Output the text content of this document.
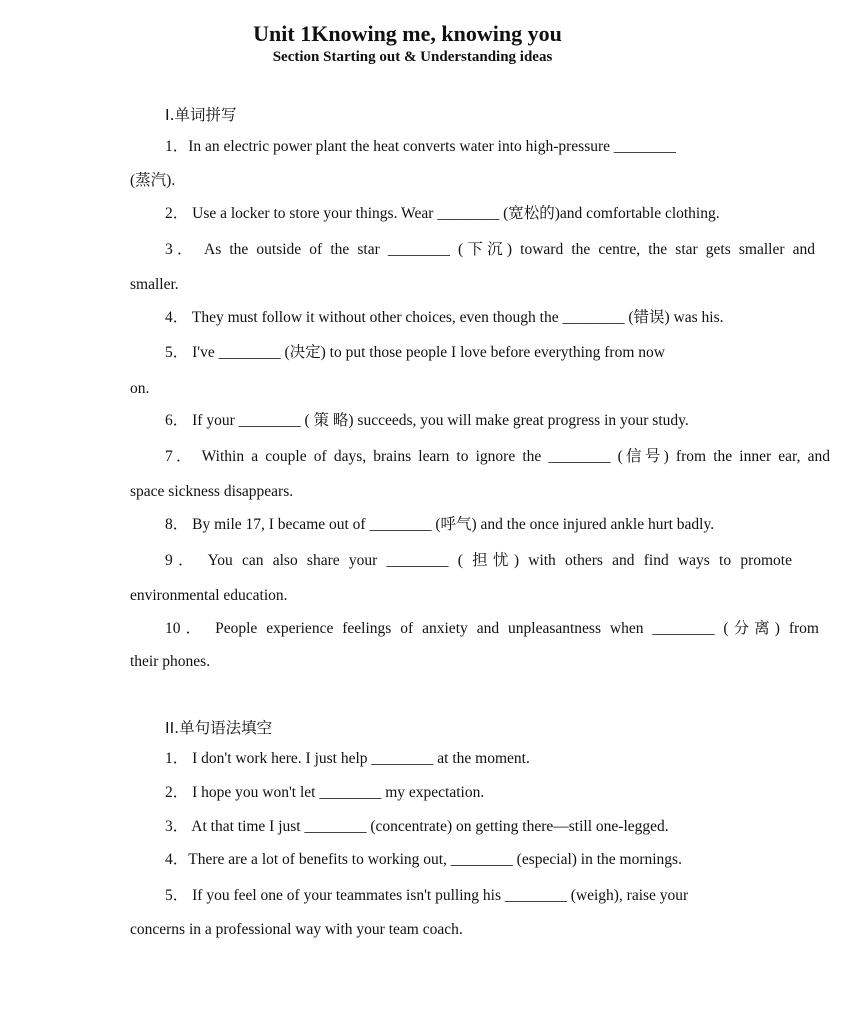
Unit 1Knowing me, knowing you
Section Starting out & Understanding ideas
I.单词拼写
1．In an electric power plant the heat converts water into high-pressure ________
(蒸汽).
2． Use a locker to store your things. Wear ________ (宽松的)and comfortable clothing.
3． As the outside of the star ________ (下沉) toward the centre, the star gets smaller and
smaller.
4． They must follow it without other choices, even though the ________ (错误) was his.
5． I've ________ (决定) to put those people I love before everything from now
on.
6． If your ________ ( 策 略) succeeds, you will make great progress in your study.
7． Within a couple of days, brains learn to ignore the ________ (信号) from the inner ear, and
space sickness disappears.
8． By mile 17, I became out of ________ (呼气) and the once injured ankle hurt badly.
9． You can also share your ________ ( 担忧) with others and find ways to promote
environmental education.
10． People experience feelings of anxiety and unpleasantness when ________ (分离) from
their phones.
II.单句语法填空
1． I don't work here. I just help ________ at the moment.
2． I hope you won't let ________ my expectation.
3． At that time I just ________ (concentrate) on getting there—still one-legged.
4．There are a lot of benefits to working out, ________ (especial) in the mornings.
5． If you feel one of your teammates isn't pulling his ________ (weigh), raise your
concerns in a professional way with your team coach.
